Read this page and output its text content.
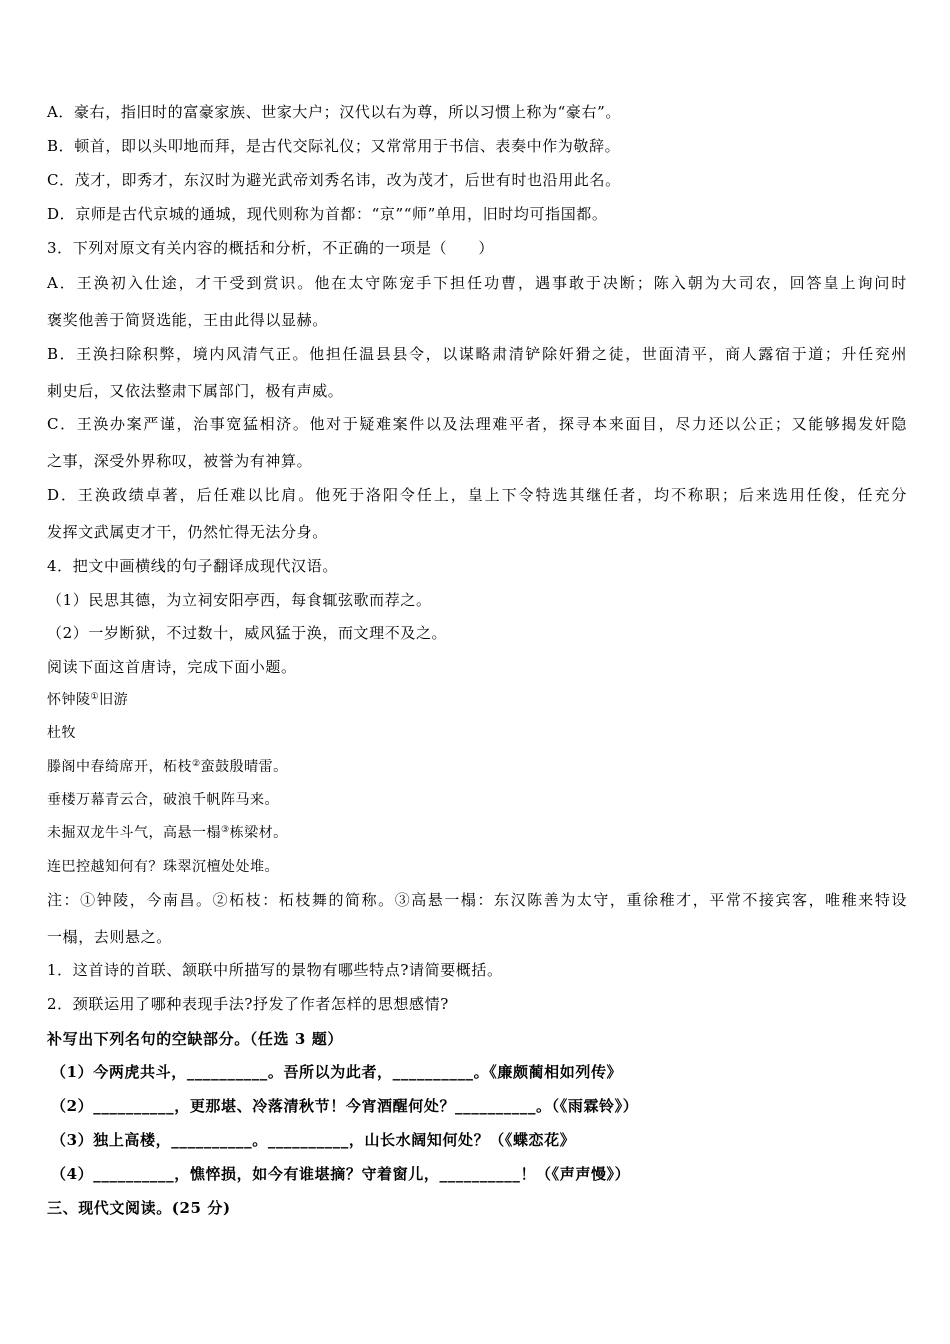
A．豪右，指旧时的富豪家族、世家大户；汉代以右为尊，所以习惯上称为“豪右”。
B．顿首，即以头叩地而拜，是古代交际礼仪；又常常用于书信、表奏中作为敬辞。
C．茂才，即秀才，东汉时为避光武帝刘秀名讳，改为茂才，后世有时也沿用此名。
D．京师是古代京城的通城，现代则称为首都：“京”“师”单用，旧时均可指国都。
3．下列对原文有关内容的概括和分析，不正确的一项是（　　）
A．王涣初入仕途，才干受到赏识。他在太守陈宠手下担任功曹，遇事敢于决断；陈入朝为大司农，回答皇上询问时
褒奖他善于简贤选能，王由此得以显赫。
B．王涣扫除积弊，境内风清气正。他担任温县县令，以谋略肃清铲除奸猾之徒，世面清平，商人露宿于道；升任兖州
刺史后，又依法整肃下属部门，极有声威。
C．王涣办案严谨，治事宽猛相济。他对于疑难案件以及法理难平者，探寻本来面目，尽力还以公正；又能够揭发奸隐
之事，深受外界称叹，被誉为有神算。
D．王涣政绩卓著，后任难以比肩。他死于洛阳令任上，皇上下令特选其继任者，均不称职；后来选用任俊，任充分
发挥文武属吏才干，仍然忙得无法分身。
4．把文中画横线的句子翻译成现代汉语。
（1）民思其德，为立祠安阳亭西，每食辄弦歌而荐之。
（2）一岁断狱，不过数十，威风猛于涣，而文理不及之。
阅读下面这首唐诗，完成下面小题。
怀钟陵①旧游
杜牧
滕阁中春绮席开，柘枝②蛮鼓殷晴雷。
垂楼万幕青云合，破浪千帆阵马来。
未掘双龙牛斗气，高悬一榻③栋梁材。
连巴控越知何有？珠翠沉檀处处堆。
注：①钟陵，今南昌。②柘枝：柘枝舞的简称。③高悬一榻：东汉陈善为太守，重徐稚才，平常不接宾客，唯稚来特设
一榻，去则悬之。
1．这首诗的首联、颔联中所描写的景物有哪些特点?请简要概括。
2．颈联运用了哪种表现手法?抒发了作者怎样的思想感情?
补写出下列名句的空缺部分。（任选 3 题）
（1）今两虎共斗，__________。吾所以为此者，__________。《廉颇蔺相如列传》
（2）__________，更那堪、冷落清秋节！今宵酒醒何处？__________。（《雨霖铃》）
（3）独上高楼，__________。__________，山长水阔知何处？（《蝶恋花》
（4）__________，憔悴损，如今有谁堪摘？守着窗儿，__________！（《声声慢》）
三、现代文阅读。(25 分)
